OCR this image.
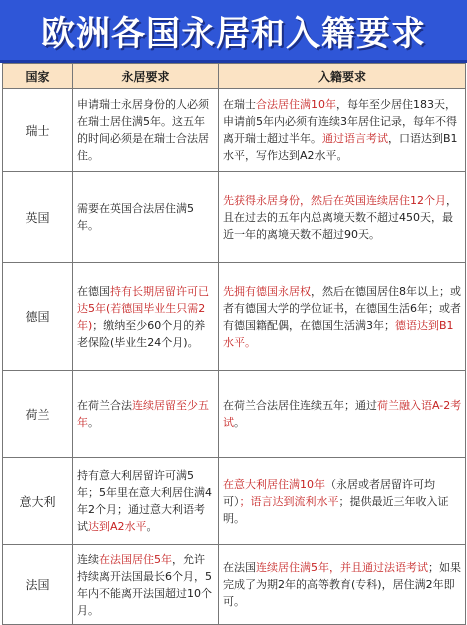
欧洲各国永居和入籍要求
国家	永居要求	入籍要求
瑞士	申请瑞士永居身份的人必须在瑞士居住满5年。这五年的时间必须是在瑞士合法居住。	在瑞士合法居住满10年，每年至少居住183天，申请前5年内必须有连续3年居住记录，每年不得离开瑞士超过半年。通过语言考试，口语达到B1水平，写作达到A2水平。
英国	需要在英国合法居住满5年。	先获得永居身份，然后在英国连续居住12个月，且在过去的五年内总离境天数不超过450天，最近一年的离境天数不超过90天。
德国	在德国持有长期居留许可已达5年(若德国毕业生只需2年)；缴纳至少60个月的养老保险(毕业生24个月)。	先拥有德国永居权，然后在德国居住8年以上；或者有德国大学的学位证书，在德国生活6年；或者有德国籍配偶，在德国生活满3年；德语达到B1水平。
荷兰	在荷兰合法连续居留至少五年。	在荷兰合法居住连续五年；通过荷兰融入语A-2考试。
意大利	持有意大利居留许可满5年；5年里在意大利居住满4年2个月；通过意大利语考试达到A2水平。	在意大利居住满10年（永居或者居留许可均可）；语言达到流利水平；提供最近三年收入证明。
法国	连续在法国居住5年，允许持续离开法国最长6个月，5年内不能离开法国超过10个月。	在法国连续居住满5年，并且通过法语考试；如果完成了为期2年的高等教育(专科)，居住满2年即可。
